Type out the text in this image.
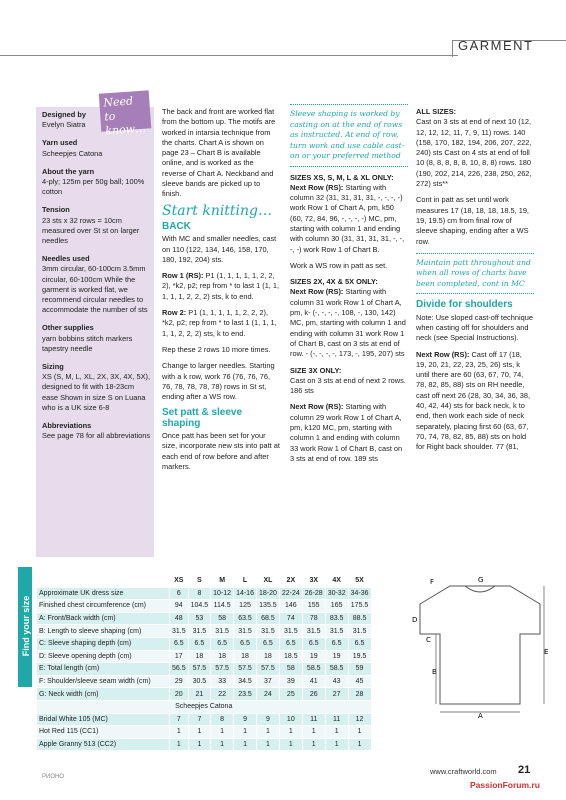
GARMENT
Need to know…
Designed by
Evelyn Siatra
Yarn used
Scheepjes Catona
About the yarn
4-ply; 125m per 50g ball; 100% cotton
Tension
23 sts x 32 rows = 10cm measured over St st on larger needles
Needles used
3mm circular, 60-100cm 3.5mm circular, 60-100cm While the garment is worked flat, we recommend circular needles to accommodate the number of sts
Other supplies
yarn bobbins stitch markers tapestry needle
Sizing
XS (S, M, L, XL, 2X, 3X, 4X, 5X), designed to fit with 18-23cm ease Shown in size S on Luana who is a UK size 6-8
Abbreviations
See page 78 for all abbreviations

The back and front are worked flat from the bottom up. The motifs are worked in intarsia technique from the charts. Chart A is shown on page 23 – Chart B is available online, and is worked as the reverse of Chart A. Neckband and sleeve bands are picked up to finish.

Start knitting…
BACK

With MC and smaller needles, cast on 110 (122, 134, 146, 158, 170, 180, 192, 204) sts.

Row 1 (RS): P1 (1, 1, 1, 1, 1, 2, 2, 2), *k2, p2; rep from * to last 1 (1, 1, 1, 1, 1, 2, 2, 2) sts, k to end.

Row 2: P1 (1, 1, 1, 1, 1, 2, 2, 2), *k2, p2; rep from * to last 1 (1, 1, 1, 1, 1, 2, 2, 2) sts, k to end.

Rep these 2 rows 10 more times.

Change to larger needles. Starting with a k row, work 76 (76, 76, 76, 76, 78, 78, 78, 78) rows in St st, ending after a WS row.

Set patt & sleeve shaping

Once patt has been set for your size, incorporate new sts into patt at each end of row before and after markers.

Sleeve shaping is worked by casting on at the end of rows as instructed. At end of row, turn work and use cable cast-on or your preferred method
SIZES XS, S, M, L & XL ONLY:

Next Row (RS): Starting with column 32 (31, 31, 31, 31, -, -, -, -) work Row 1 of Chart A, pm, k50 (60, 72, 84, 96, -, -, -, -) MC, pm, starting with column 1 and ending with column 30 (31, 31, 31, 31, -, -, -, -) work Row 1 of Chart B.

Work a WS row in patt as set.

SIZES 2X, 4X & 5X ONLY:

Next Row (RS): Starting with column 31 work Row 1 of Chart A, pm, k- (-, -, -, -, 108, -, 130, 142) MC, pm, starting with column 1 and ending with column 31 work Row 1 of Chart B, cast on 3 sts at end of row. - (-, -, -, -, 173, -, 195, 207) sts

SIZE 3X ONLY:

Cast on 3 sts at end of next 2 rows. 186 sts

Next Row (RS): Starting with column 29 work Row 1 of Chart A, pm, k120 MC, pm, starting with column 1 and ending with column 33 work Row 1 of Chart B, cast on 3 sts at end of row. 189 sts

ALL SIZES:

Cast on 3 sts at end of next 10 (12, 12, 12, 12, 11, 7, 9, 11) rows. 140 (158, 170, 182, 194, 206, 207, 222, 240) sts Cast on 4 sts at end of foll 10 (8, 8, 8, 8, 8, 10, 8, 8) rows. 180 (190, 202, 214, 226, 238, 250, 262, 272) sts**

Cont in patt as set until work measures 17 (18, 18, 18, 18.5, 19, 19, 19.5) cm from final row of sleeve shaping, ending after a WS row.

Maintain patt throughout and when all rows of charts have been completed, cont in MC
Divide for shoulders

Note: Use sloped cast-off technique when casting off for shoulders and neck (see Special Instructions).

Next Row (RS): Cast off 17 (18, 19, 20, 21, 22, 23, 25, 26) sts, k until there are 60 (63, 67, 70, 74, 78, 82, 85, 88) sts on RH needle, cast off next 26 (28, 30, 34, 36, 38, 40, 42, 44) sts for back neck, k to end, then work each side of neck separately, placing first 60 (63, 67, 70, 74, 78, 82, 85, 88) sts on hold for Right back shoulder. 77 (81,

Find your size
	XS	S	M	L	XL	2X	3X	4X	5X
Approximate UK dress size	6	8	10-12	14-16	18-20	22-24	26-28	30-32	34-36
Finished chest circumference (cm)	94	104.5	114.5	125	135.5	146	155	165	175.5
A: Front/Back width (cm)	48	53	58	63.5	68.5	74	78	83.5	88.5
B: Length to sleeve shaping (cm)	31.5	31.5	31.5	31.5	31.5	31.5	31.5	31.5	31.5
C: Sleeve shaping depth (cm)	6.5	6.5	6.5	6.5	6.5	6.5	6.5	6.5	6.5
D: Sleeve opening depth (cm)	17	18	18	18	18	18.5	19	19	19.5
E: Total length (cm)	56.5	57.5	57.5	57.5	57.5	58	58.5	58.5	59
F: Shoulder/sleeve seam width (cm)	29	30.5	33	34.5	37	39	41	43	45
G: Neck width (cm)	20	21	22	23.5	24	25	26	27	28
Scheepjes Catona									
Bridal White 105 (MC)	7	7	8	9	9	10	11	11	12
Hot Red 115 (CC1)	1	1	1	1	1	1	1	1	1
Apple Granny 513 (CC2)	1	1	1	1	1	1	1	1	1
F	G
D
C
E
B
A
PИOHO
www.craftworld.com 21
PassionForum.ru
